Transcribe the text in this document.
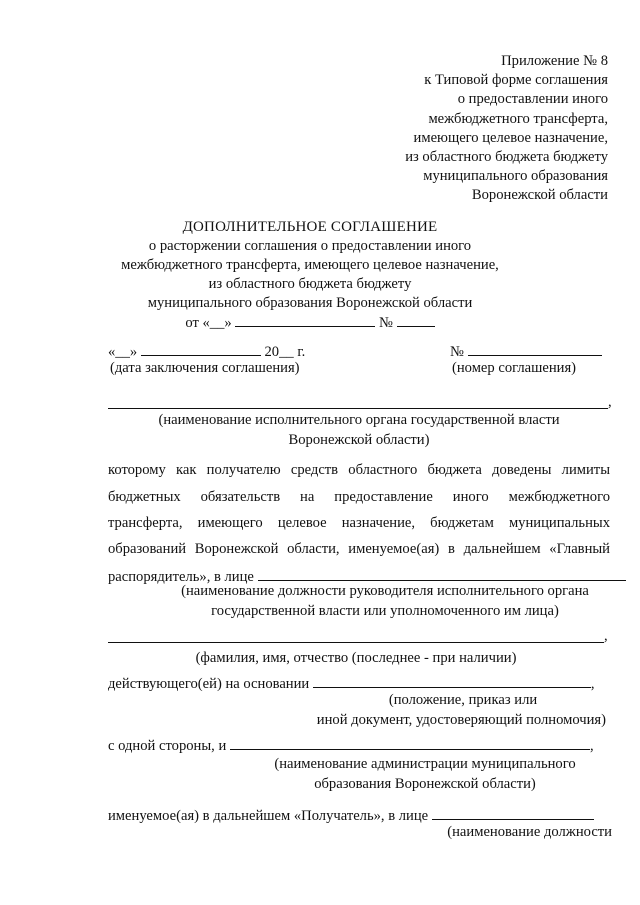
Приложение № 8
к Типовой форме соглашения
о предоставлении иного
межбюджетного трансферта,
имеющего целевое назначение,
из областного бюджета бюджету
муниципального образования
Воронежской области
ДОПОЛНИТЕЛЬНОЕ СОГЛАШЕНИЕ
о расторжении соглашения о предоставлении иного
межбюджетного трансферта, имеющего целевое назначение,
из областного бюджета бюджету
муниципального образования Воронежской области
от «__»	№
«__»	20__ г.	№
(дата заключения соглашения)	(номер соглашения)
,
(наименование исполнительного органа государственной власти
Воронежской области)
которому как получателю средств областного бюджета доведены лимиты
бюджетных обязательств на предоставление иного межбюджетного
трансферта, имеющего целевое назначение, бюджетам муниципальных
образований Воронежской области, именуемое(ая) в дальнейшем «Главный
распорядитель», в лице
(наименование должности руководителя исполнительного органа
государственной власти или уполномоченного им лица)
,
(фамилия, имя, отчество (последнее - при наличии)
действующего(ей) на основании	,
(положение, приказ или
иной документ, удостоверяющий полномочия)
с одной стороны, и	,
(наименование администрации муниципального
образования Воронежской области)
именуемое(ая) в дальнейшем «Получатель», в лице
(наименование должности
